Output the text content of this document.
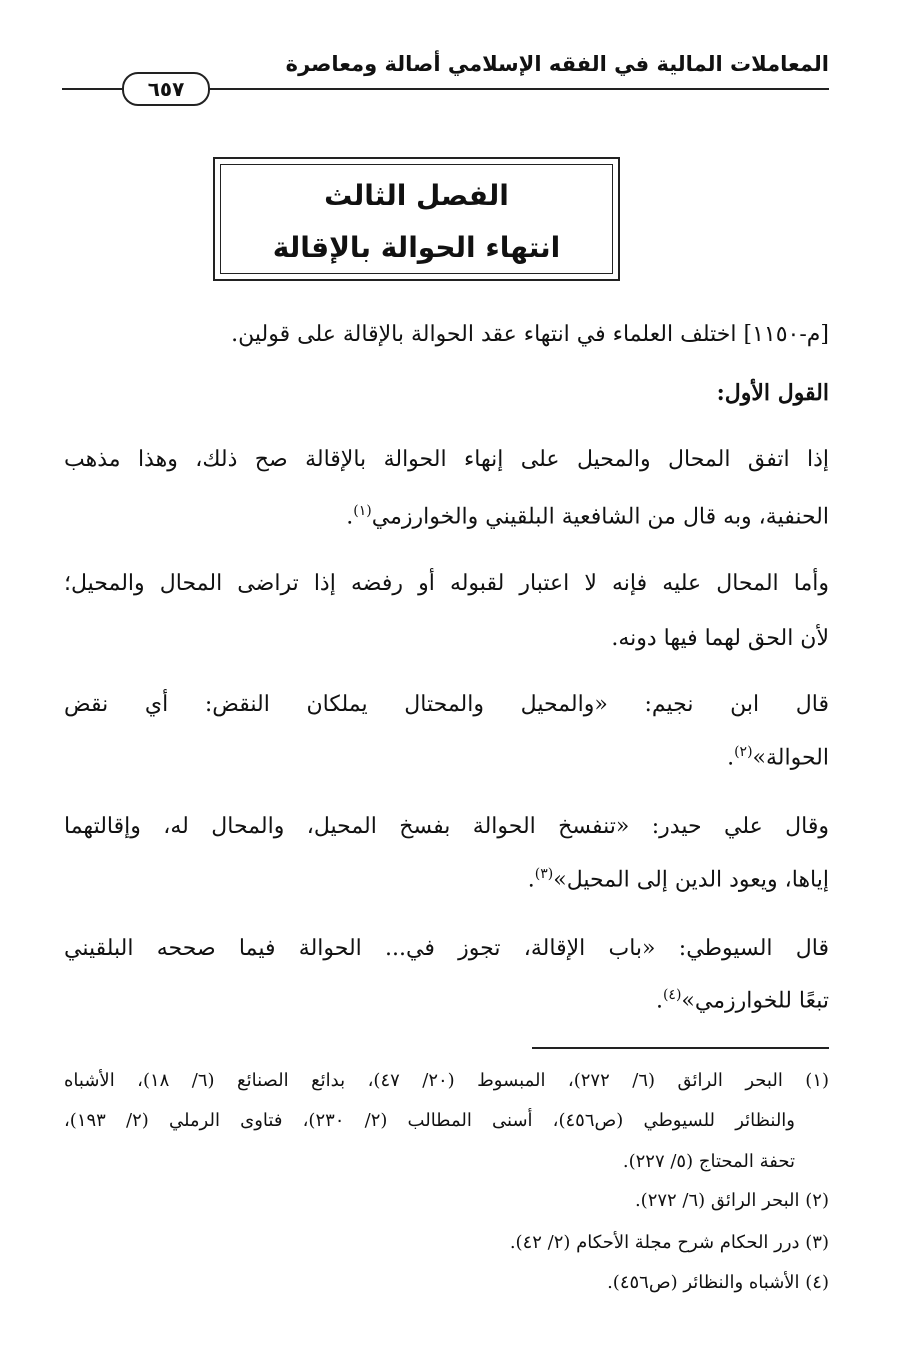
المعاملات المالية في الفقه الإسلامي أصالة ومعاصرة
٦٥٧
الفصل الثالث
انتهاء الحوالة بالإقالة
[م-١١٥٠] اختلف العلماء في انتهاء عقد الحوالة بالإقالة على قولين.
القول الأول:
إذا اتفق المحال والمحيل على إنهاء الحوالة بالإقالة صح ذلك، وهذا مذهب
الحنفية، وبه قال من الشافعية البلقيني والخوارزمي$^{(١)}$.
وأما المحال عليه فإنه لا اعتبار لقبوله أو رفضه إذا تراضى المحال والمحيل؛
لأن الحق لهما فيها دونه.
قال ابن نجيم: «والمحيل والمحتال يملكان النقض: أي نقض
الحوالة»$^{(٢)}$.
وقال علي حيدر: «تنفسخ الحوالة بفسخ المحيل، والمحال له، وإقالتهما
إياها، ويعود الدين إلى المحيل»$^{(٣)}$.
قال السيوطي: «باب الإقالة، تجوز في... الحوالة فيما صححه البلقيني
تبعًا للخوارزمي»$^{(٤)}$.
(١) البحر الرائق (٦/ ٢٧٢)، المبسوط (٢٠/ ٤٧)، بدائع الصنائع (٦/ ١٨)، الأشباه
والنظائر للسيوطي (ص٤٥٦)، أسنى المطالب (٢/ ٢٣٠)، فتاوى الرملي (٢/ ١٩٣)،
تحفة المحتاج (٥/ ٢٢٧).
(٢) البحر الرائق (٦/ ٢٧٢).
(٣) درر الحكام شرح مجلة الأحكام (٢/ ٤٢).
(٤) الأشباه والنظائر (ص٤٥٦).
